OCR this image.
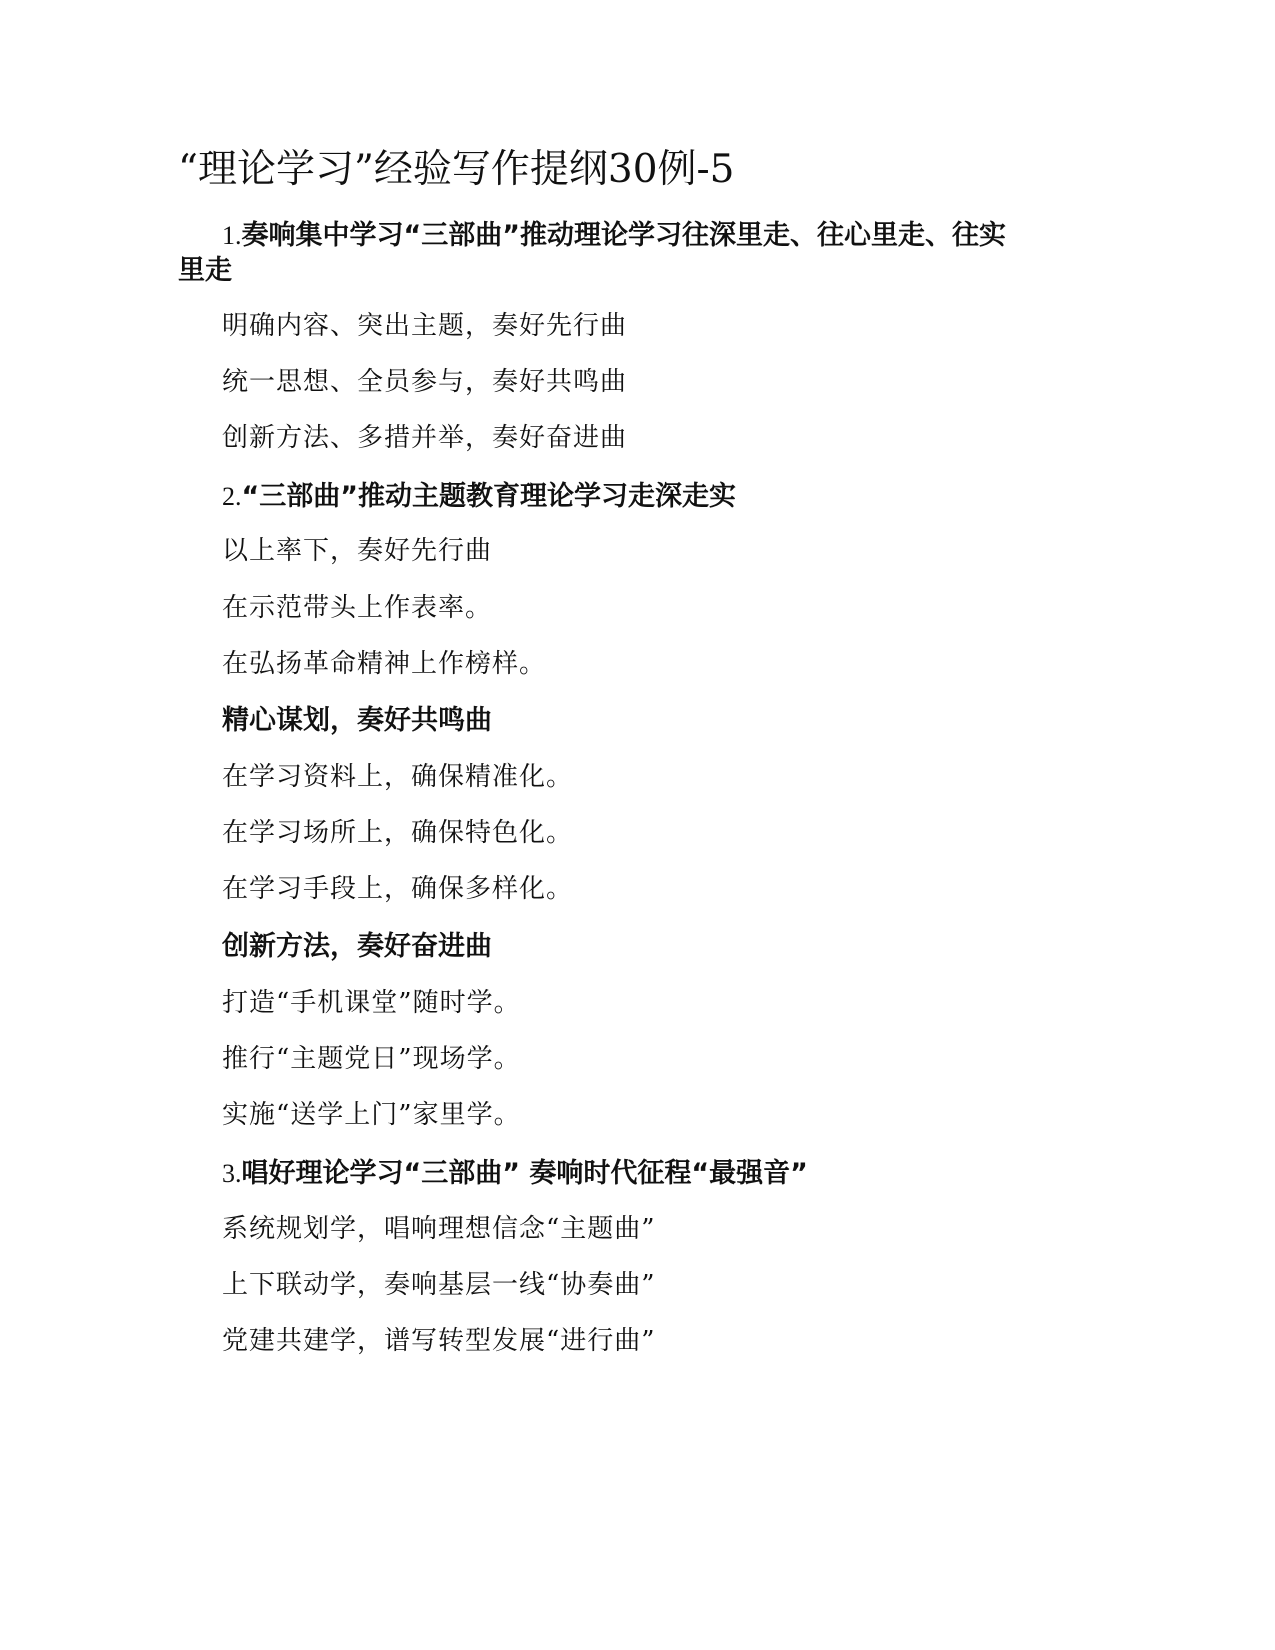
“理论学习”经验写作提纲30例-5
1.奏响集中学习“三部曲”推动理论学习往深里走、往心里走、往实
里走
明确内容、突出主题，奏好先行曲
统一思想、全员参与，奏好共鸣曲
创新方法、多措并举，奏好奋进曲
2.“三部曲”推动主题教育理论学习走深走实
以上率下，奏好先行曲
在示范带头上作表率。
在弘扬革命精神上作榜样。
精心谋划，奏好共鸣曲
在学习资料上，确保精准化。
在学习场所上，确保特色化。
在学习手段上，确保多样化。
创新方法，奏好奋进曲
打造“手机课堂”随时学。
推行“主题党日”现场学。
实施“送学上门”家里学。
3.唱好理论学习“三部曲” 奏响时代征程“最强音”
系统规划学，唱响理想信念“主题曲”
上下联动学，奏响基层一线“协奏曲”
党建共建学，谱写转型发展“进行曲”
